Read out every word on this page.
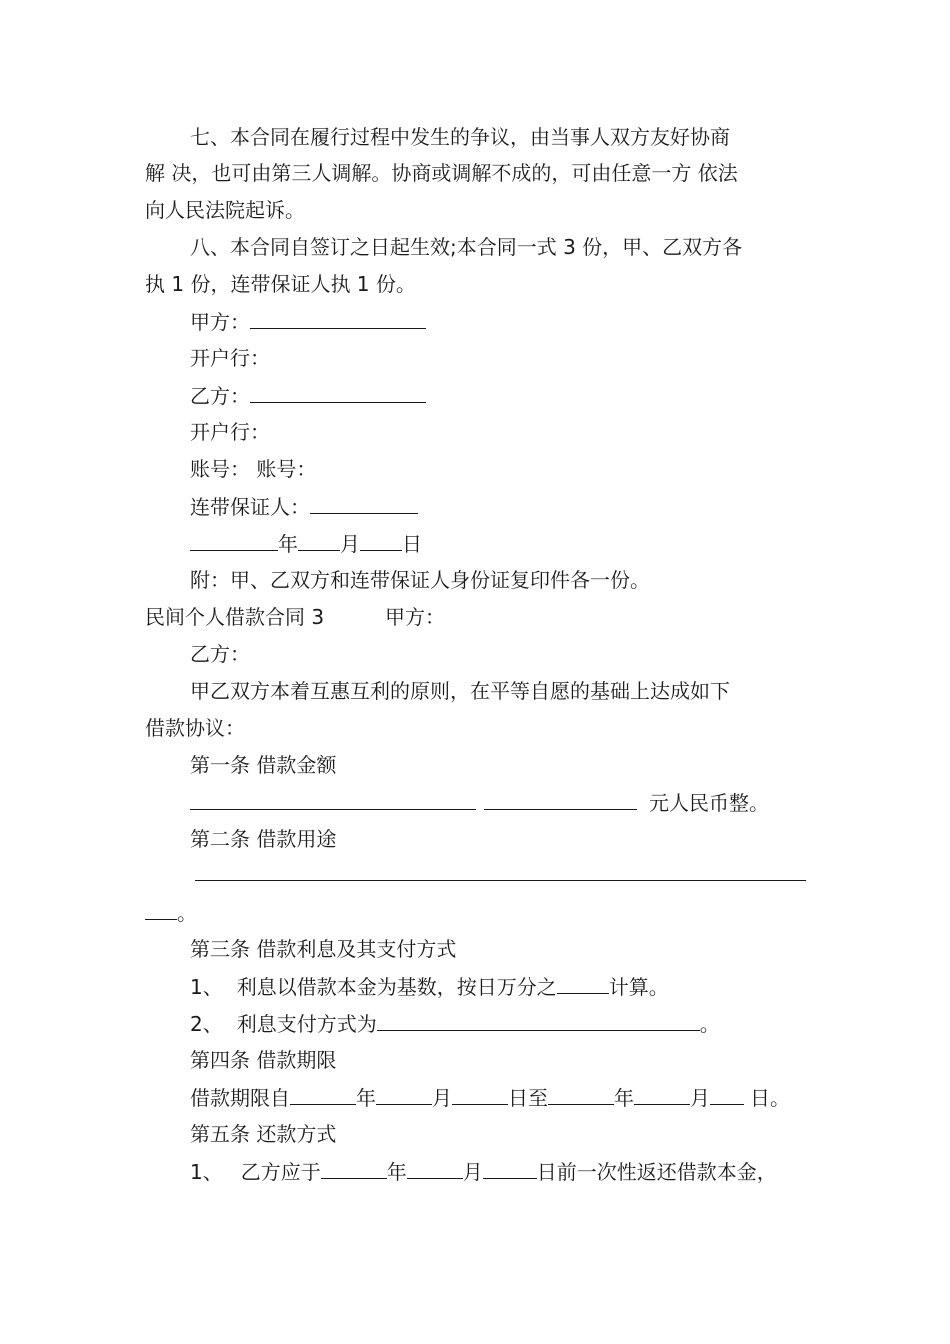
七、本合同在履行过程中发生的争议，由当事人双方友好协商
解 决，也可由第三人调解。协商或调解不成的，可由任意一方 依法
向人民法院起诉。
八、本合同自签订之日起生效;本合同一式 3 份，甲、乙双方各
执 1 份，连带保证人执 1 份。
甲方：
开户行：
乙方：
开户行：
账号： 账号：
连带保证人：
年 月 日
附：甲、乙双方和连带保证人身份证复印件各一份。
民间个人借款合同 3	甲方：
乙方：
甲乙双方本着互惠互利的原则，在平等自愿的基础上达成如下
借款协议：
第一条 借款金额
元人民币整。
第二条 借款用途
。
第三条 借款利息及其支付方式
1、 利息以借款本金为基数，按日万分之	计算。
2、 利息支付方式为	。
第四条 借款期限
借款期限自	年	月	日至	年	月 日。
第五条 还款方式
1、 乙方应于	年	月	日前一次性返还借款本金，
